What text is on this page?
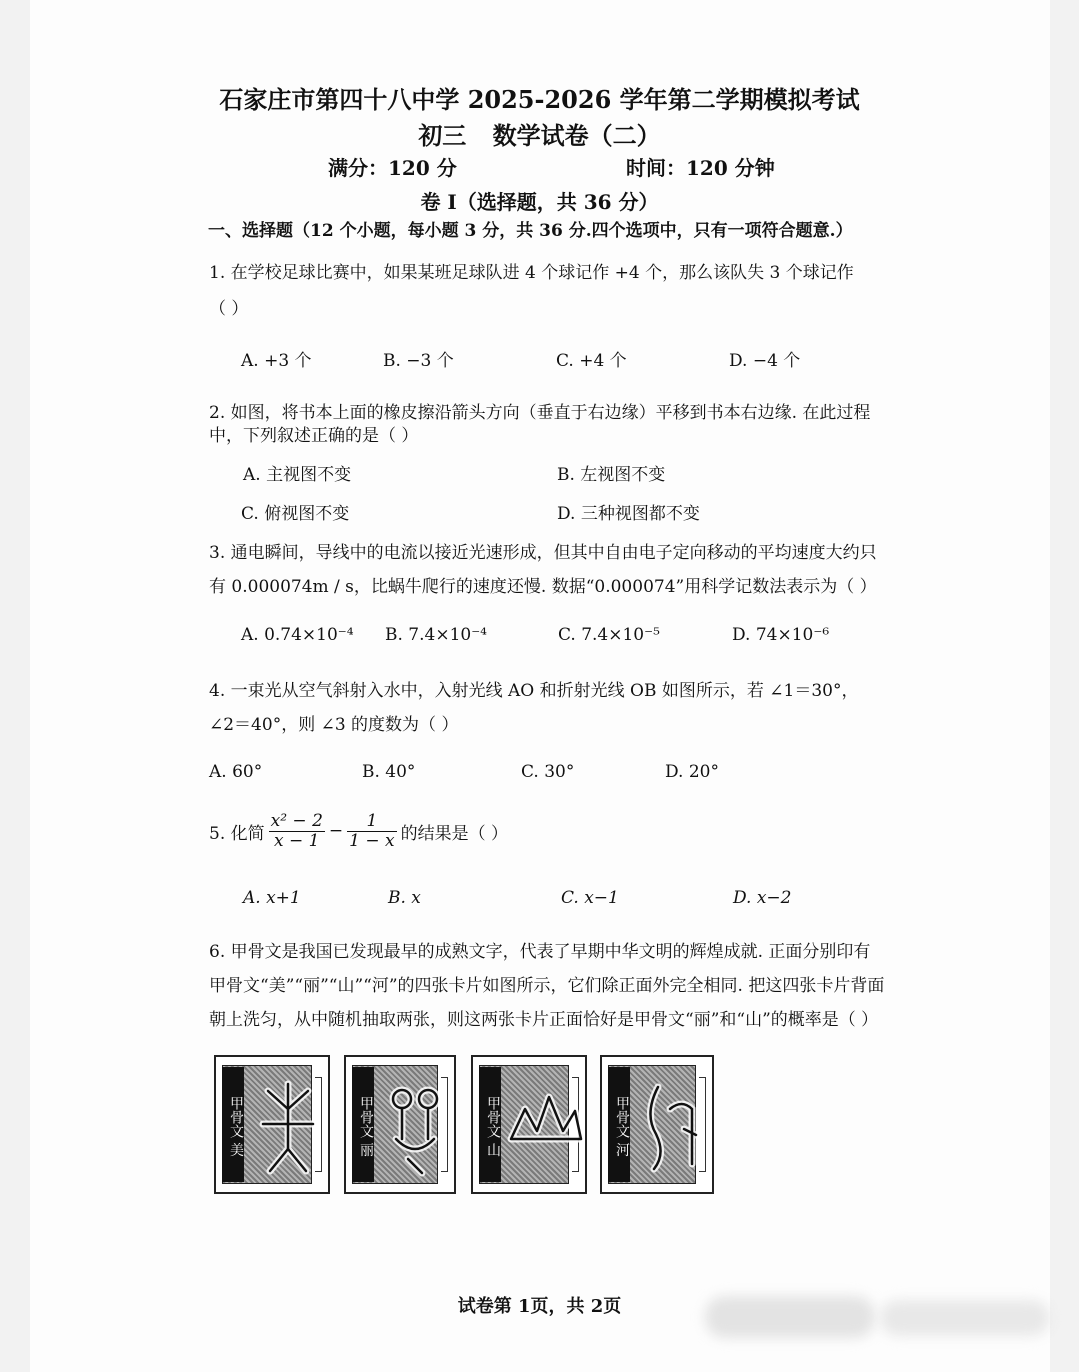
石家庄市第四十八中学 2025-2026 学年第二学期模拟考试
初三 数学试卷（二）
满分：120 分	时间：120 分钟
卷 I（选择题，共 36 分）
一、选择题（12 个小题，每小题 3 分，共 36 分.四个选项中，只有一项符合题意.）
1. 在学校足球比赛中，如果某班足球队进 4 个球记作 +4 个，那么该队失 3 个球记作
（ ）
A. +3 个	B. −3 个	C. +4 个	D. −4 个
2. 如图，将书本上面的橡皮擦沿箭头方向（垂直于右边缘）平移到书本右边缘. 在此过程
中，下列叙述正确的是（ ）
A. 主视图不变	B. 左视图不变
C. 俯视图不变	D. 三种视图都不变
3. 通电瞬间，导线中的电流以接近光速形成，但其中自由电子定向移动的平均速度大约只
有 0.000074m / s，比蜗牛爬行的速度还慢. 数据“0.000074”用科学记数法表示为（ ）
A. 0.74×10⁻⁴ B. 7.4×10⁻⁴	C. 7.4×10⁻⁵	D. 74×10⁻⁶
4. 一束光从空气斜射入水中，入射光线 AO 和折射光线 OB 如图所示，若 ∠1＝30°，
∠2＝40°，则 ∠3 的度数为（ ）
A. 60°	B. 40°	C. 30°	D. 20°
5. 化简 $\frac{\text{x² − 2}}{x - 1} - \frac{1}{1 - x}$ 的结果是（ ）
A. x+1	B. x	C. x−1	D. x−2
6. 甲骨文是我国已发现最早的成熟文字，代表了早期中华文明的辉煌成就. 正面分别印有
甲骨文“美”“丽”“山”“河”的四张卡片如图所示，它们除正面外完全相同. 把这四张卡片背面
朝上洗匀，从中随机抽取两张，则这两张卡片正面恰好是甲骨文“丽”和“山”的概率是（ ）
甲骨文 美
甲骨文 丽
甲骨文 山
甲骨文 河
试卷第 1页，共 2页
